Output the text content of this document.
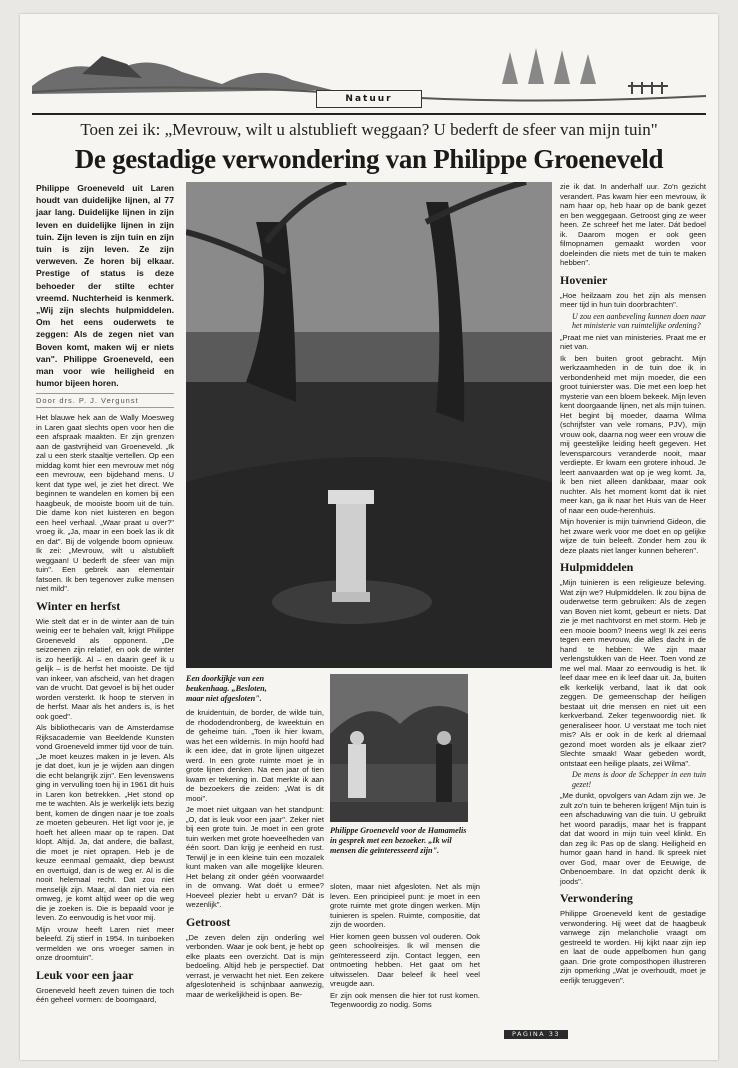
Natuur
Toen zei ik: „Mevrouw, wilt u alstublieft weggaan? U bederft de sfeer van mijn tuin"
De gestadige verwondering van Philippe Groeneveld
Philippe Groeneveld uit Laren houdt van duidelijke lijnen, al 77 jaar lang. Duidelijke lijnen in zijn leven en duidelijke lijnen in zijn tuin. Zijn leven is zijn tuin en zijn tuin is zijn leven. Ze zijn verweven. Ze horen bij elkaar. Prestige of status is deze behoeder der stilte echter vreemd. Nuchterheid is kenmerk. „Wij zijn slechts hulpmiddelen. Om het eens ouderwets te zeggen: Als de zegen niet van Boven komt, maken wij er niets van". Philippe Groeneveld, een man voor wie heiligheid en humor bijeen horen.
Door drs. P. J. Vergunst

Het blauwe hek aan de Wally Moesweg in Laren gaat slechts open voor hen die een afspraak maakten. Er zijn grenzen aan de gastvrijheid van Groeneveld. „Ik zal u een sterk staaltje vertellen. Op een middag komt hier een mevrouw met nóg een mevrouw, een bijdehand mens. U kent dat type wel, je ziet het direct. We beginnen te wandelen en komen bij een haagbeuk, de mooiste boom uit de tuin. Die dame kon niet luisteren en begon een heel verhaal. „Waar praat u over?" vroeg ik. „Ja, maar in een boek las ik dit en dat". Bij de volgende boom opnieuw. Ik zei: „Mevrouw, wilt u alstublieft weggaan! U bederft de sfeer van mijn tuin". Een gebrek aan elementair fatsoen. Ik ben tegenover zulke mensen niet mild".

Winter en herfst

Wie stelt dat er in de winter aan de tuin weinig eer te behalen valt, krijgt Philippe Groeneveld als opponent. „De seizoenen zijn relatief, en ook de winter is zo heerlijk. Al – en daarin geef ik u gelijk – is de herfst het mooiste. De tijd van inkeer, van afscheid, van het dragen van de vrucht. Dat gevoel is bij het ouder worden versterkt. Ik hoop te sterven in de herfst. Maar als het anders is, is het ook goed".

Als bibliothecaris van de Amsterdamse Rijksacademie van Beeldende Kunsten vond Groeneveld immer tijd voor de tuin. „Je moet keuzes maken in je leven. Als je dat doet, kun je je wijden aan dingen die echt belangrijk zijn". Een levenswens ging in vervulling toen hij in 1961 dit huis in Laren kon betrekken. „Het stond op me te wachten. Als je werkelijk iets bezig bent, komen de dingen naar je toe zoals ze moeten gebeuren. Het ligt voor je, je hoeft het alleen maar op te rapen. Dat klopt. Altijd. Ja, dat andere, die ballast, die moet je niet oprapen. Heb je de keuze eenmaal gemaakt, diep bewust en overtuigd, dan is de weg er. Al is die nooit helemaal recht. Dat zou niet menselijk zijn. Maar, al dan niet via een omweg, je komt altijd weer op die weg die je zoeken is. Die is bepaald voor je leven. Zo eenvoudig is het voor mij.

Mijn vrouw heeft Laren niet meer beleefd. Zij stierf in 1954. In tuinboeken vermelden we ons vroeger samen in onze droomtuin".

Leuk voor een jaar

Groeneveld heeft zeven tuinen die toch één geheel vormen: de boomgaard,

Een doorkijkje van een beukenhaag. „Besloten, maar niet afgesloten".

de kruidentuin, de border, de wilde tuin, de rhododendronberg, de kweektuin en de geheime tuin. „Toen ik hier kwam, was het een wildernis. In mijn hoofd had ik een idee, dat in grote lijnen uitgezet werd. In een grote ruimte moet je in grote lijnen denken. Na een jaar of tien kwam er tekening in. Dat merkte ik aan de bezoekers die zeiden: „Wat is dit mooi".

Je moet niet uitgaan van het standpunt: „O, dat is leuk voor een jaar". Zeker niet bij een grote tuin. Je moet in een grote tuin werken met grote hoeveelheden van één soort. Dan krijg je eenheid en rust. Terwijl je in een kleine tuin een mozaïek kunt maken van alle mogelijke kleuren. Het belang zit onder géén voorwaarde! in de omvang. Wat doét u ermee? Hoeveel plezier hebt u ervan? Dát is wezenlijk".

Getroost

„De zeven delen zijn onderling wel verbonden. Waar je ook bent, je hebt op elke plaats een overzicht. Dat is mijn bedoeling. Altijd heb je perspectief. Dat verrast, je verwacht het niet. Een zekere afgeslotenheid is schijnbaar aanwezig, maar de werkelijkheid is open. Be-

Philippe Groeneveld voor de Hamamelis in gesprek met een bezoeker. „Ik wil mensen die geïnteresseerd zijn".

sloten, maar niet afgesloten. Net als mijn leven. Een principieel punt: je moet in een grote ruimte met grote dingen werken. Mijn tuinieren is spelen. Ruimte, compositie, dat zijn de woorden.

Hier komen geen bussen vol ouderen. Ook geen schoolreisjes. Ik wil mensen die geïnteresseerd zijn. Contact leggen, een ontmoeting hebben. Het gaat om het uitwisselen. Daar beleef ik heel veel vreugde aan.

Er zijn ook mensen die hier tot rust komen. Tegenwoordig zo nodig. Soms

PAGINA 33

zie ik dat. In anderhalf uur. Zo'n gezicht verandert. Pas kwam hier een mevrouw, ik nam haar op, heb haar op de bank gezet en ben weggegaan. Getroost ging ze weer heen. Ze schreef het me later. Dát bedoel ik. Daarom mogen er ook geen filmopnamen gemaakt worden voor doeleinden die niets met de tuin te maken hebben".

Hovenier

„Hoe heilzaam zou het zijn als mensen meer tijd in hun tuin doorbrachten".

U zou een aanbeveling kunnen doen naar het ministerie van ruimtelijke ordening?

„Praat me niet van ministeries. Praat me er niet van.

Ik ben buiten groot gebracht. Mijn werkzaamheden in de tuin doe ik in verbondenheid met mijn moeder, die een groot tuinierster was. Die met een loep het mysterie van een bloem bekeek. Mijn leven kent doorgaande lijnen, net als mijn tuinen. Het begint bij moeder, daarna Wilma (schrijfster van vele romans, PJV), mijn vrouw ook, daarna nog weer een vrouw die mij geestelijke leiding heeft gegeven. Het levensparcours veranderde nooit, maar verdiepte. Er kwam een grotere inhoud. Je leert aanvaarden wat op je weg komt. Ja, ik ben niet alleen dankbaar, maar ook nuchter. Als het moment komt dat ik niet meer kan, ga ik naar het Huis van de Heer of naar een oude-herenhuis.

Mijn hovenier is mijn tuinvriend Gideon, die het zware werk voor me doet en op gelijke wijze de tuin beleeft. Zonder hem zou ik deze plaats niet langer kunnen beheren".

Hulpmiddelen

„Mijn tuinieren is een religieuze beleving. Wat zijn we? Hulpmiddelen. Ik zou bijna de ouderwetse term gebruiken: Als de zegen van Boven niet komt, gebeurt er niets. Dat zie je met nachtvorst en met storm. Heb je een mooie boom? Ineens weg! Ik zei eens tegen een mevrouw, die alles dacht in de hand te hebben: We zijn maar verlengstukken van de Heer. Toen vond ze me wel mal. Maar zo eenvoudig is het. Ik leef daar mee en ik leef daar uit. Ja, buiten elk kerkelijk verband, laat ik dat ook zeggen. De gemeenschap der heiligen bestaat uit drie mensen en niet uit een kerkverband. Zeker tegenwoordig niet. Ik generaliseer hoor. U verstaat me toch niet mis? Als er ook in de kerk al driemaal gezond moet worden als je elkaar ziet? Slechte smaak! Waar gebeden wordt, ontstaat een heilige plaats, zei Wilma".

De mens is door de Schepper in een tuin gezet!

„Me dunkt, opvolgers van Adam zijn we. Je zult zo'n tuin te beheren krijgen! Mijn tuin is een afschaduwing van die tuin. U gebruikt het woord paradijs, maar het is frappant dat dat woord in mijn tuin veel klinkt. En dan zeg ik: Pas op de slang. Heiligheid en humor gaan hand in hand. Ik spreek niet over God, maar over de Eeuwige, de Onbenoembare. In dat opzicht denk ik joods".

Verwondering

Philippe Groeneveld kent de gestadige verwondering. Hij weet dat de haagbeuk vanwege zijn melancholie vraagt om gestreeld te worden. Hij kijkt naar zijn iep en laat de oude appelbomen hun gang gaan. Drie grote composthopen illustreren zijn opmerking „Wat je overhoudt, moet je eerlijk teruggeven".
